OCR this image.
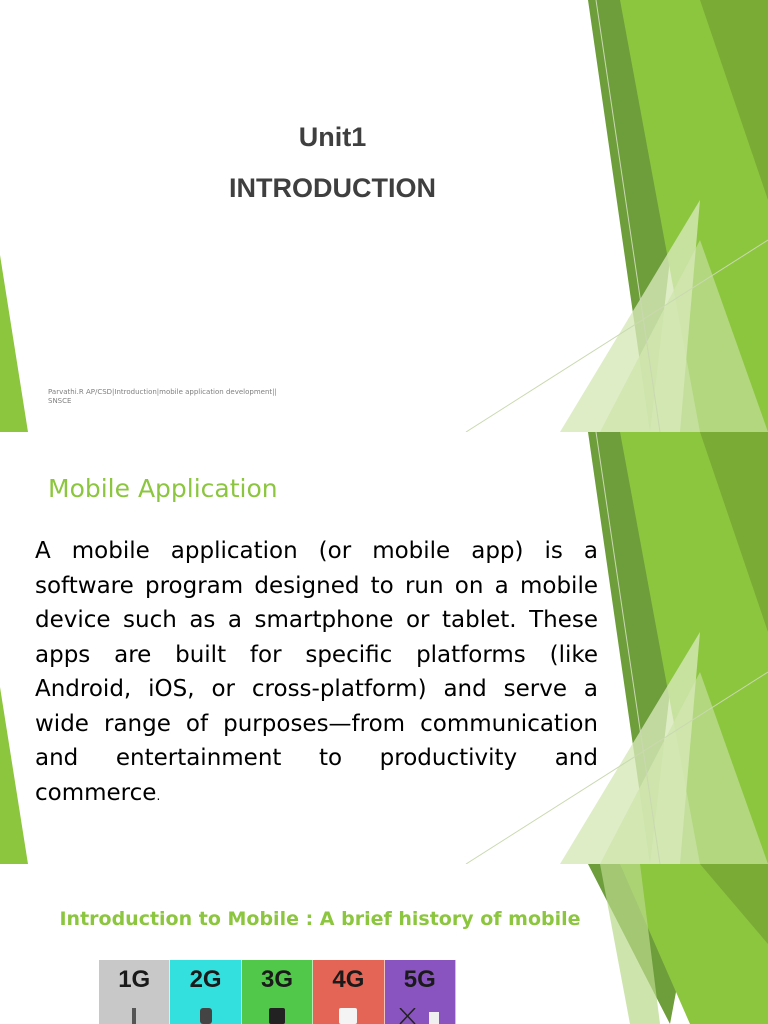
Unit1
INTRODUCTION
Parvathi.R AP/CSD|Introduction|mobile application development|| SNSCE
Mobile Application
A mobile application (or mobile app) is a software program designed to run on a mobile device such as a smartphone or tablet. These apps are built for specific platforms (like Android, iOS, or cross-platform) and serve a wide range of purposes—from communication and entertainment to productivity and commerce.
Introduction to Mobile : A brief history of mobile
1G	2G	3G	4G	5G
